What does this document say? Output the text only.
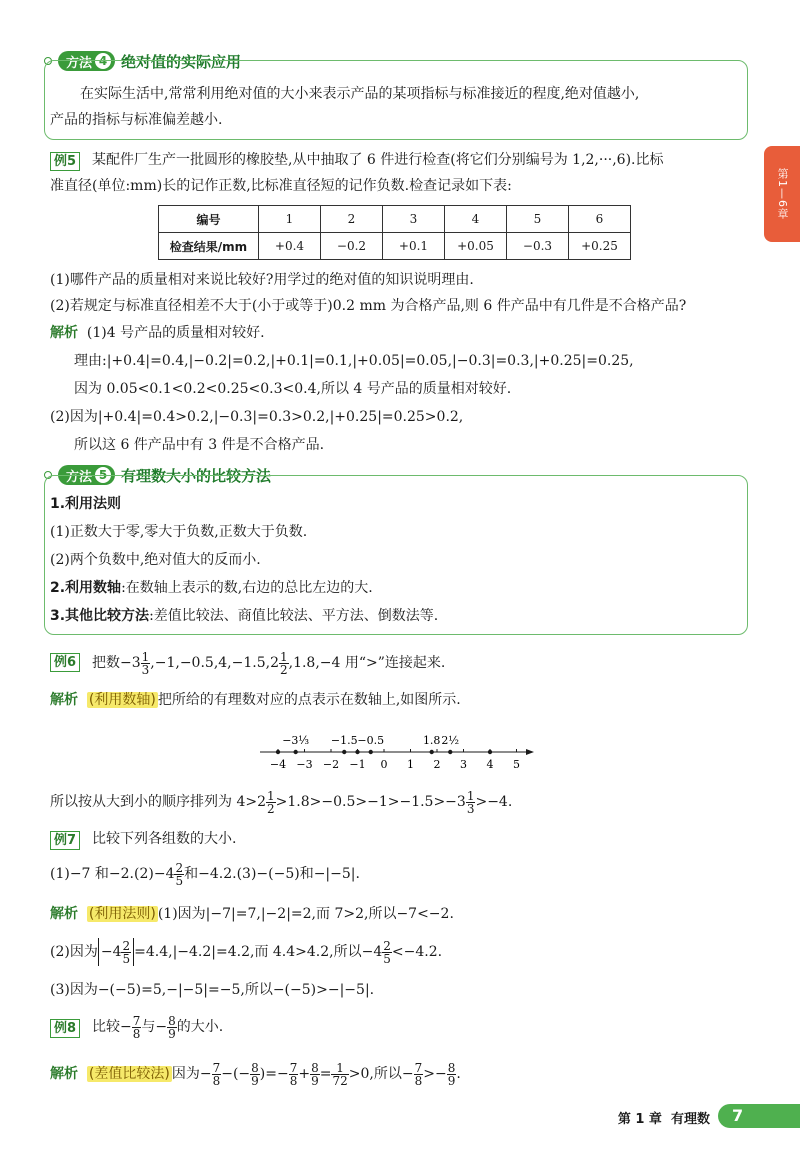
方法 4 绝对值的实际应用
在实际生活中,常常利用绝对值的大小来表示产品的某项指标与标准接近的程度,绝对值越小,
产品的指标与标准偏差越小.
例5 某配件厂生产一批圆形的橡胶垫,从中抽取了 6 件进行检查(将它们分别编号为 1,2,···,6).比标
准直径(单位:mm)长的记作正数,比标准直径短的记作负数.检查记录如下表:
编号	1	2	3	4	5	6
检查结果/mm	+0.4	−0.2	+0.1	+0.05	−0.3	+0.25
(1)哪件产品的质量相对来说比较好?用学过的绝对值的知识说明理由.
(2)若规定与标准直径相差不大于(小于或等于)0.2 mm 为合格产品,则 6 件产品中有几件是不合格产品?
解析 (1)4 号产品的质量相对较好.
理由:|+0.4|=0.4,|−0.2|=0.2,|+0.1|=0.1,|+0.05|=0.05,|−0.3|=0.3,|+0.25|=0.25,
因为 0.05<0.1<0.2<0.25<0.3<0.4,所以 4 号产品的质量相对较好.
(2)因为|+0.4|=0.4>0.2,|−0.3|=0.3>0.2,|+0.25|=0.25>0.2,
所以这 6 件产品中有 3 件是不合格产品.
方法 5 有理数大小的比较方法
1.利用法则
(1)正数大于零,零大于负数,正数大于负数.
(2)两个负数中,绝对值大的反而小.
2.利用数轴:在数轴上表示的数,右边的总比左边的大.
3.其他比较方法:差值比较法、商值比较法、平方法、倒数法等.
例6 把数$-3 \frac{1}{3} ,-1,-0.5,4,-1.5,2 \frac{1}{2} ,1.8,-4$ 用“>”连接起来.
解析 (利用数轴) 把所给的有理数对应的点表示在数轴上,如图所示.
−4 −3 −2 −1 0 1 2 3 4 5
−3⅓ −1.5 −0.5	1.8 2½
所以按从大到小的顺序排列为 $4>2 \frac{1}{2} >1.8>-0.5>-1>-1.5>-3 \frac{1}{3} >-4$.
例7 比较下列各组数的大小.
(1)−7 和$-2.(2)-4 \frac{2}{5}$ 和−4.2.(3)−(−5)和−|−5|.
解析 (利用法则) (1)因为|−7|=7,|−2|=2,而 7>2,所以−7<−2.
(2)因为 $-4 \frac{2}{5} =4.4,|-4.2|=4.2$,而 4.4>4.2,所以$-4 \frac{2}{5} <-4.2$.
(3)因为−(−5)=5,−|−5|=−5,所以−(−5)>−|−5|.
例8 比较− $\frac{7}{8}$ 与− $\frac{8}{9}$ 的大小.
解析 (差值比较法) 因为− $\frac{7}{8}$ −(− $\frac{8}{9}$ )=− $\frac{7}{8} + \frac{8}{9} = \frac{1}{72} >0$,所以− $\frac{7}{8} >- \frac{8}{9}$ .
第1—6章
第 1 章 有理数	7
